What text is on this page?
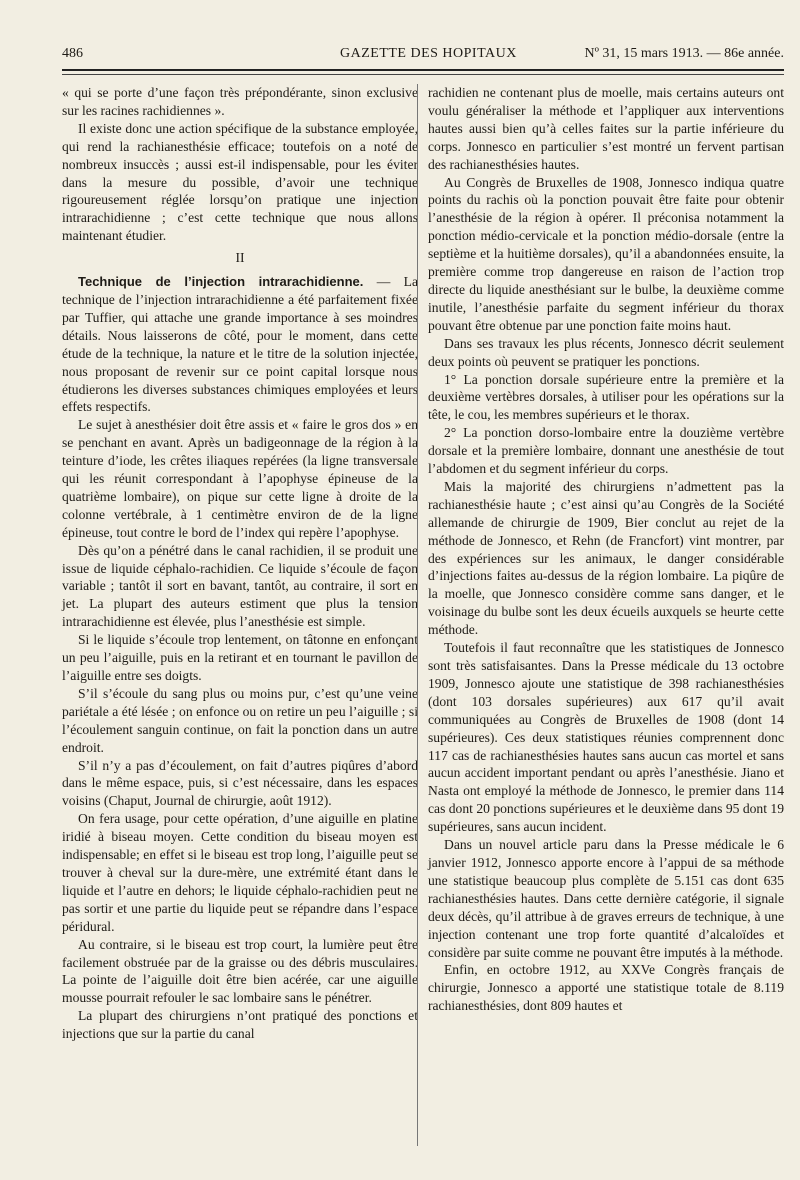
486	GAZETTE DES HOPITAUX	Nº 31, 15 mars 1913. — 86e année.

« qui se porte d’une façon très prépondérante, sinon exclusive sur les racines rachidiennes ».

Il existe donc une action spécifique de la substance employée, qui rend la rachianesthésie efficace; toutefois on a noté de nombreux insuccès ; aussi est-il indispensable, pour les éviter dans la mesure du possible, d’avoir une technique rigoureusement réglée lorsqu’on pratique une injection intrarachidienne ; c’est cette technique que nous allons maintenant étudier.

II

Technique de l’injection intrarachidienne. — La technique de l’injection intrarachidienne a été parfaitement fixée par Tuffier, qui attache une grande importance à ses moindres détails. Nous laisserons de côté, pour le moment, dans cette étude de la technique, la nature et le titre de la solution injectée, nous proposant de revenir sur ce point capital lorsque nous étudierons les diverses substances chimiques employées et leurs effets respectifs.

Le sujet à anesthésier doit être assis et « faire le gros dos » en se penchant en avant. Après un badigeonnage de la région à la teinture d’iode, les crêtes iliaques repérées (la ligne transversale qui les réunit correspondant à l’apophyse épineuse de la quatrième lombaire), on pique sur cette ligne à droite de la colonne vertébrale, à 1 centimètre environ de de la ligne épineuse, tout contre le bord de l’index qui repère l’apophyse.

Dès qu’on a pénétré dans le canal rachidien, il se produit une issue de liquide céphalo-rachidien. Ce liquide s’écoule de façon variable ; tantôt il sort en bavant, tantôt, au contraire, il sort en jet. La plupart des auteurs estiment que plus la tension intrarachidienne est élevée, plus l’anesthésie est simple.

Si le liquide s’écoule trop lentement, on tâtonne en enfonçant un peu l’aiguille, puis en la retirant et en tournant le pavillon de l’aiguille entre ses doigts.

S’il s’écoule du sang plus ou moins pur, c’est qu’une veine pariétale a été lésée ; on enfonce ou on retire un peu l’aiguille ; si l’écoulement sanguin continue, on fait la ponction dans un autre endroit.

S’il n’y a pas d’écoulement, on fait d’autres piqûres d’abord dans le même espace, puis, si c’est nécessaire, dans les espaces voisins (Chaput, Journal de chirurgie, août 1912).

On fera usage, pour cette opération, d’une aiguille en platine iridié à biseau moyen. Cette condition du biseau moyen est indispensable; en effet si le biseau est trop long, l’aiguille peut se trouver à cheval sur la dure-mère, une extrémité étant dans le liquide et l’autre en dehors; le liquide céphalo-rachidien peut ne pas sortir et une partie du liquide peut se répandre dans l’espace péridural.

Au contraire, si le biseau est trop court, la lumière peut être facilement obstruée par de la graisse ou des débris musculaires. La pointe de l’aiguille doit être bien acérée, car une aiguille mousse pourrait refouler le sac lombaire sans le pénétrer.

La plupart des chirurgiens n’ont pratiqué des ponctions et injections que sur la partie du canal

rachidien ne contenant plus de moelle, mais certains auteurs ont voulu généraliser la méthode et l’appliquer aux interventions hautes aussi bien qu’à celles faites sur la partie inférieure du corps. Jonnesco en particulier s’est montré un fervent partisan des rachianesthésies hautes.

Au Congrès de Bruxelles de 1908, Jonnesco indiqua quatre points du rachis où la ponction pouvait être faite pour obtenir l’anesthésie de la région à opérer. Il préconisa notamment la ponction médio-cervicale et la ponction médio-dorsale (entre la septième et la huitième dorsales), qu’il a abandonnées ensuite, la première comme trop dangereuse en raison de l’action trop directe du liquide anesthésiant sur le bulbe, la deuxième comme inutile, l’anesthésie parfaite du segment inférieur du thorax pouvant être obtenue par une ponction faite moins haut.

Dans ses travaux les plus récents, Jonnesco décrit seulement deux points où peuvent se pratiquer les ponctions.

1° La ponction dorsale supérieure entre la première et la deuxième vertèbres dorsales, à utiliser pour les opérations sur la tête, le cou, les membres supérieurs et le thorax.

2° La ponction dorso-lombaire entre la douzième vertèbre dorsale et la première lombaire, donnant une anesthésie de tout l’abdomen et du segment inférieur du corps.

Mais la majorité des chirurgiens n’admettent pas la rachianesthésie haute ; c’est ainsi qu’au Congrès de la Société allemande de chirurgie de 1909, Bier conclut au rejet de la méthode de Jonnesco, et Rehn (de Francfort) vint montrer, par des expériences sur les animaux, le danger considérable d’injections faites au-dessus de la région lombaire. La piqûre de la moelle, que Jonnesco considère comme sans danger, et le voisinage du bulbe sont les deux écueils auxquels se heurte cette méthode.

Toutefois il faut reconnaître que les statistiques de Jonnesco sont très satisfaisantes. Dans la Presse médicale du 13 octobre 1909, Jonnesco ajoute une statistique de 398 rachianesthésies (dont 103 dorsales supérieures) aux 617 qu’il avait communiquées au Congrès de Bruxelles de 1908 (dont 14 supérieures). Ces deux statistiques réunies comprennent donc 117 cas de rachianesthésies hautes sans aucun cas mortel et sans aucun accident important pendant ou après l’anesthésie. Jiano et Nasta ont employé la méthode de Jonnesco, le premier dans 114 cas dont 20 ponctions supérieures et le deuxième dans 95 dont 19 supérieures, sans aucun incident.

Dans un nouvel article paru dans la Presse médicale le 6 janvier 1912, Jonnesco apporte encore à l’appui de sa méthode une statistique beaucoup plus complète de 5.151 cas dont 635 rachianesthésies hautes. Dans cette dernière catégorie, il signale deux décès, qu’il attribue à de graves erreurs de technique, à une injection contenant une trop forte quantité d’alcaloïdes et considère par suite comme ne pouvant être imputés à la méthode.

Enfin, en octobre 1912, au XXVe Congrès français de chirurgie, Jonnesco a apporté une statistique totale de 8.119 rachianesthésies, dont 809 hautes et
